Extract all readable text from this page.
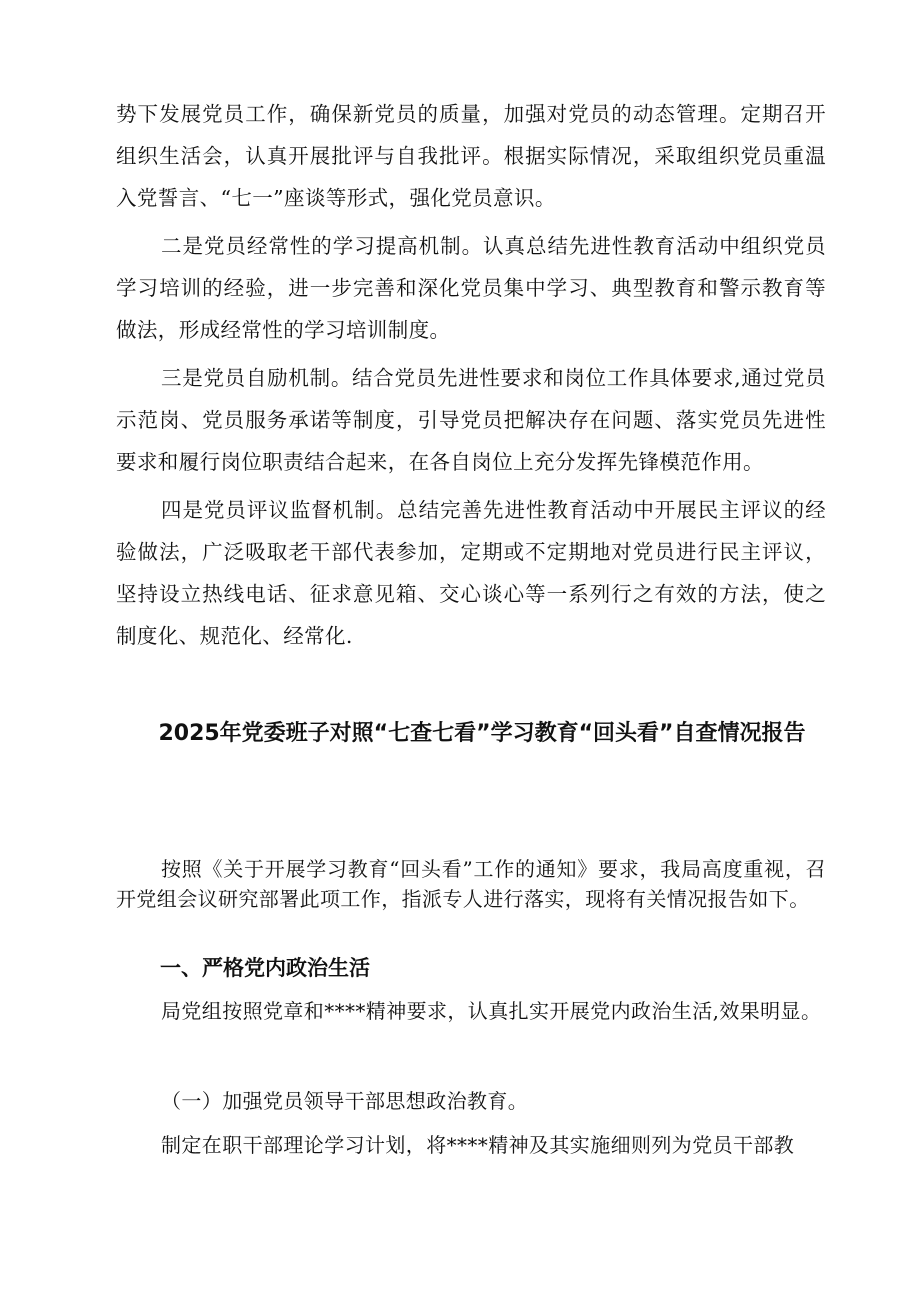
势下发展党员工作，确保新党员的质量，加强对党员的动态管理。定期召开组织生活会，认真开展批评与自我批评。根据实际情况，采取组织党员重温入党誓言、“七一”座谈等形式，强化党员意识。

二是党员经常性的学习提高机制。认真总结先进性教育活动中组织党员学习培训的经验，进一步完善和深化党员集中学习、典型教育和警示教育等做法，形成经常性的学习培训制度。

三是党员自励机制。结合党员先进性要求和岗位工作具体要求,通过党员示范岗、党员服务承诺等制度，引导党员把解决存在问题、落实党员先进性要求和履行岗位职责结合起来，在各自岗位上充分发挥先锋模范作用。

四是党员评议监督机制。总结完善先进性教育活动中开展民主评议的经验做法，广泛吸取老干部代表参加，定期或不定期地对党员进行民主评议，坚持设立热线电话、征求意见箱、交心谈心等一系列行之有效的方法，使之制度化、规范化、经常化.

2025年党委班子对照“七查七看”学习教育“回头看”自查情况报告

按照《关于开展学习教育“回头看”工作的通知》要求，我局高度重视，召开党组会议研究部署此项工作，指派专人进行落实，现将有关情况报告如下。

一、严格党内政治生活

局党组按照党章和****精神要求，认真扎实开展党内政治生活,效果明显。

（一）加强党员领导干部思想政治教育。

制定在职干部理论学习计划，将****精神及其实施细则列为党员干部教
